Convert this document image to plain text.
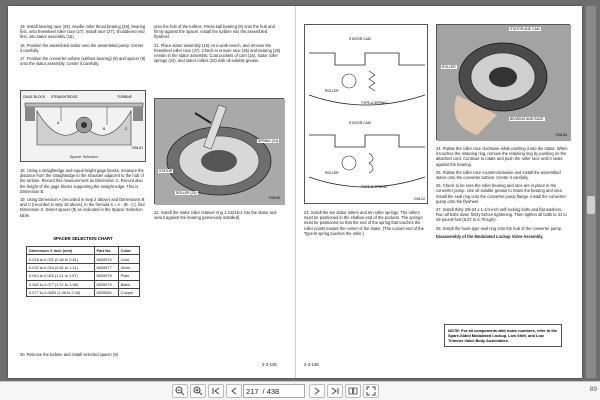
19. Install bearing race (26), needle roller thrust bearing (26), bearing first, onto freewheel roller race (27). Install race (27), shouldered end first, into stator assembly (15).

16. Position the assembled stator onto the assembled pump. Center it carefully.

17. Position the converter turbine (without bearing) (8) and spacer (9) onto the stator assembly. Center it carefully.

GAGE BLOCK STRAIGHTEDGE	TURBINE
A
B	C
7004-81
Spacer Selection

18. Using a straightedge and equal height gage blocks, measure the distance from the straightedge to the shoulder adjacent to the hub of the turbine. Record this measurement as Dimension C. Record also the height of the gage blocks supporting the straight edge. This is Dimension B.

19. Using Dimension A (recorded in step 2 above) and Dimensions B and C (recorded in step 18 above), in the formula X = A - (B - C), find Dimension X. Select spacer (9) as indicated in the Spacer Selection table.

SPACER SELECTION CHART
Dimension X inch (mm)	Part No.	Color
0.018 to 0.032 (0.46 to 0.81)	6839976	Gold
0.032 to 0.044 (0.81 to 1.11)	6839977	Silver
0.044 to 0.062 (1.11 to 1.57)	6839978	Plain
0.062 to 0.077 (1.57 to 1.96)	6839979	Black
0.077 to 0.0853 (1.96 to 2.45)	6839980	Copper

20. Remove the turbine and install selected spacer (9)

onto the hub of the turbine. Press ball bearing (8) onto the hub and firmly against the spacer. Install the turbine into the assembled flywheel.

21. Place stator assembly (15) on a work bench, and remove the freewheel roller race (27). Check to ensure race (26) and bearing (26) remain in the stator assembly. Coat pockets of cam (16), stator roller springs (24), and stator rollers (23) with oil-soluble grease.

SPRING (24)
STATOR
ROLLER (23)
7009-80

22. Install the stator roller retainer ring J-24218-2 into the stator and seat it against the bearing (previously installed).

2-3-136
STATOR CAM
ROLLER
TYPE-A SPRING
STATOR CAM
ROLLER
TYPE-B SPRING
7004-02

23. Install the ten stator rollers and ten roller springs. The rollers must be positioned in the shallow end of the pockets. The springs must be positioned so that the end of the spring that touches the roller points toward the center of the stator. (The curved end of the Type-B spring touches the roller.)

STATOR AND CAM
ROLLER
BEARING AND RACE
7004-84

24. Rotate the roller race clockwise while pushing it into the stator. When it touches the retaining ring, remove the retaining ring by pushing on the attached cord. Continue to rotate and push the roller race until it seats against the bearing.

25. Rotate the roller race counterclockwise and install the assembled stator onto the converter turbine. Center it carefully.

26. Check to be sure the roller bearing and race are in place in the converter pump. Use oil-soluble grease to retain the bearing and race. Install the seal ring onto the converter pump flange. Install the converter pump onto the flywheel.

27. Install thirty 3/8-24 x 1-1/4-inch self-locking bolts and flat washers. Run all bolts down firmly before tightening. Then tighten all bolts to 41 to 49 pound-foot (6.07 to 6.79 kgm).

28. Install the hook-type seal ring onto the hub of the converter pump.

Disassembly of the Modulated Lockup Valve Assembly.

NOTE: For all components with index numbers, refer to the Spare-Sided Modulated Lockup, Low Shift, and Low Trimmer Valve Body Assemblies.
2-3-136
217 / 438	89
